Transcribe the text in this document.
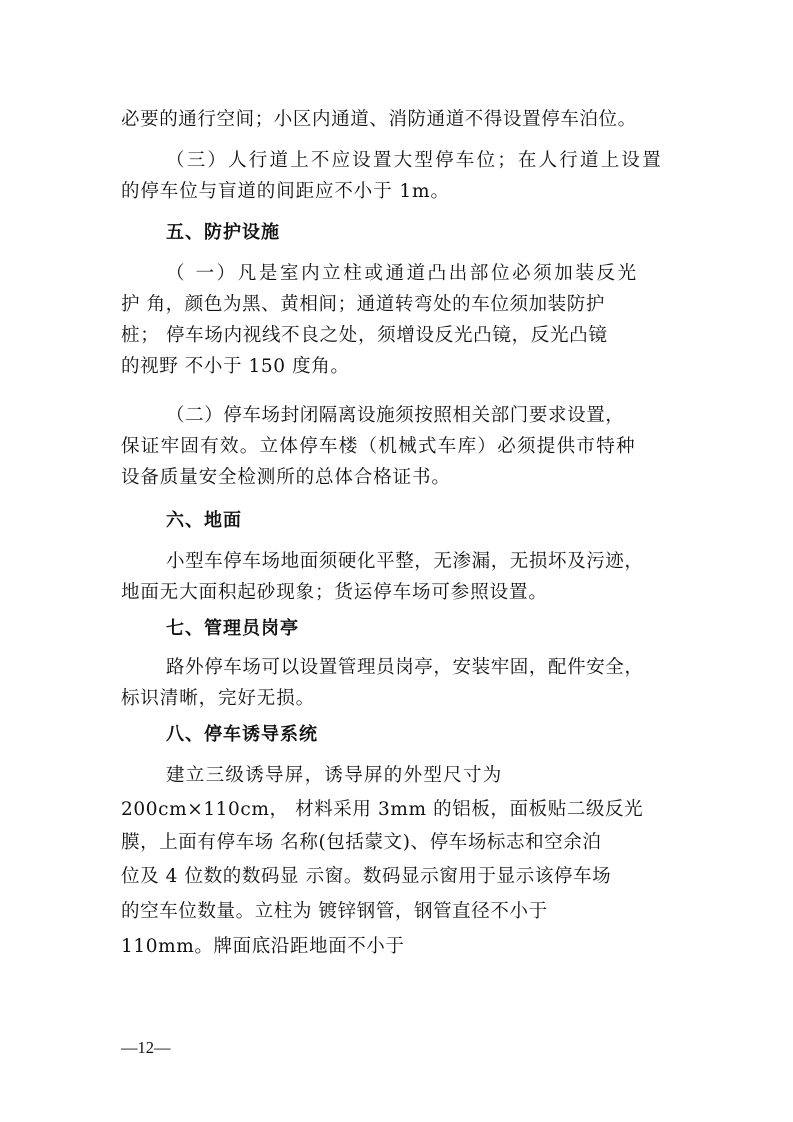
必要的通行空间；小区内通道、消防通道不得设置停车泊位。
（三）人行道上不应设置大型停车位；在人行道上设置
的停车位与盲道的间距应不小于 1m。
五、防护设施
（ 一）凡是室内立柱或通道凸出部位必须加装反光
护 角，颜色为黑、黄相间；通道转弯处的车位须加装防护
桩； 停车场内视线不良之处，须增设反光凸镜，反光凸镜
的视野 不小于 150 度角。
（二）停车场封闭隔离设施须按照相关部门要求设置，
保证牢固有效。立体停车楼（机械式车库）必须提供市特种
设备质量安全检测所的总体合格证书。
六、地面
小型车停车场地面须硬化平整，无渗漏，无损坏及污迹，
地面无大面积起砂现象；货运停车场可参照设置。
七、管理员岗亭
路外停车场可以设置管理员岗亭，安装牢固，配件安全，
标识清晰，完好无损。
八、停车诱导系统
建立三级诱导屏，诱导屏的外型尺寸为
200cm×110cm， 材料采用 3mm 的铝板，面板贴二级反光
膜，上面有停车场 名称(包括蒙文)、停车场标志和空余泊
位及 4 位数的数码显 示窗。数码显示窗用于显示该停车场
的空车位数量。立柱为 镀锌钢管，钢管直径不小于
110mm。牌面底沿距地面不小于
—12—
